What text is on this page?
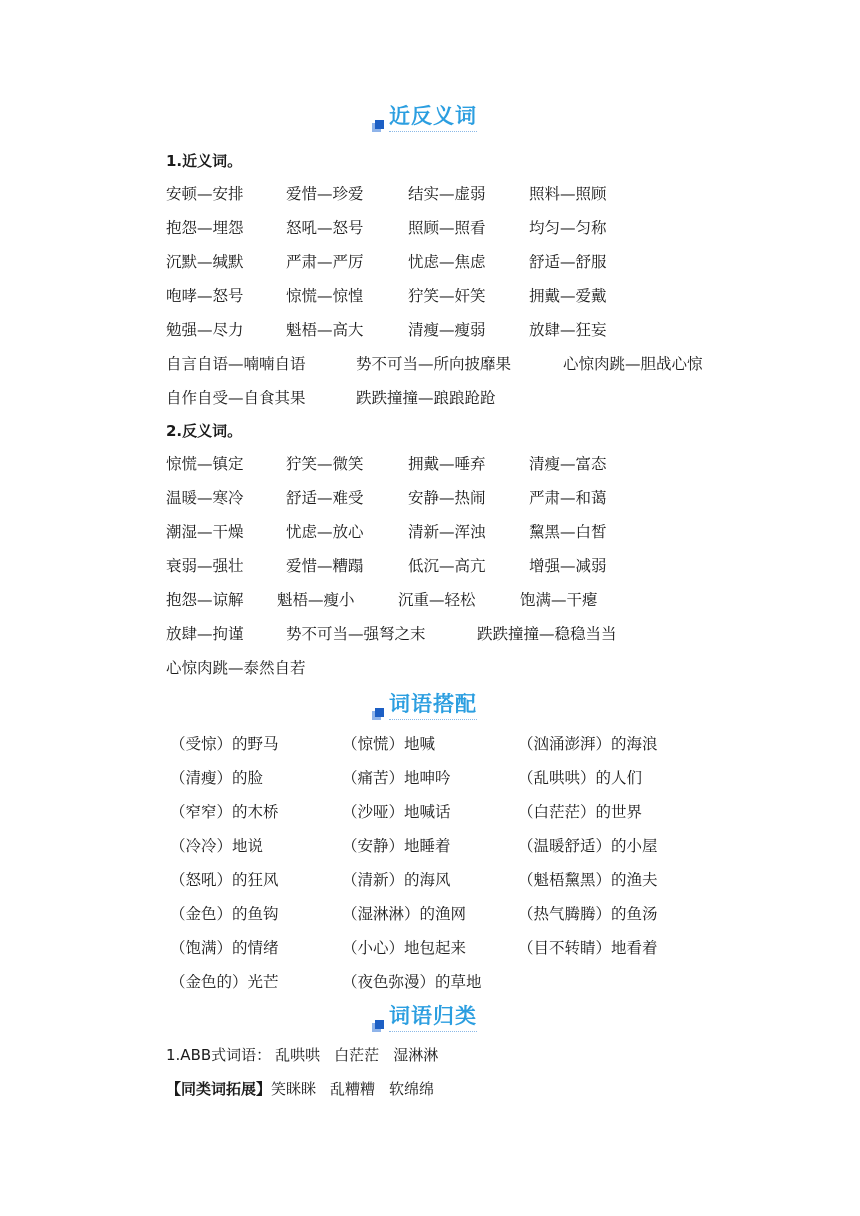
近反义词
1.近义词。
安顿—安排	爱惜—珍爱	结实—虚弱	照料—照顾
抱怨—埋怨	怒吼—怒号	照顾—照看	均匀—匀称
沉默—缄默	严肃—严厉	忧虑—焦虑	舒适—舒服
咆哮—怒号	惊慌—惊惶	狞笑—奸笑	拥戴—爱戴
勉强—尽力	魁梧—高大	清瘦—瘦弱	放肆—狂妄
自言自语—喃喃自语	势不可当—所向披靡果	心惊肉跳—胆战心惊
自作自受—自食其果	跌跌撞撞—踉踉跄跄
2.反义词。
惊慌—镇定	狞笑—微笑	拥戴—唾弃	清瘦—富态
温暖—寒冷	舒适—难受	安静—热闹	严肃—和蔼
潮湿—干燥	忧虑—放心	清新—浑浊	黧黑—白皙
衰弱—强壮	爱惜—糟蹋	低沉—高亢	增强—减弱
抱怨—谅解 魁梧—瘦小	沉重—轻松	饱满—干瘪
放肆—拘谨	势不可当—强弩之末	跌跌撞撞—稳稳当当
心惊肉跳—泰然自若
词语搭配
（受惊）的野马	（惊慌）地喊	（汹涌澎湃）的海浪
（清瘦）的脸	（痛苦）地呻吟	（乱哄哄）的人们
（窄窄）的木桥	（沙哑）地喊话	（白茫茫）的世界
（冷冷）地说	（安静）地睡着	（温暖舒适）的小屋
（怒吼）的狂风	（清新）的海风	（魁梧黧黑）的渔夫
（金色）的鱼钩	（湿淋淋）的渔网	（热气腾腾）的鱼汤
（饱满）的情绪	（小心）地包起来	（目不转睛）地看着
（金色的）光芒	（夜色弥漫）的草地
词语归类
1.ABB式词语： 乱哄哄 白茫茫 湿淋淋
【同类词拓展】笑眯眯 乱糟糟 软绵绵
